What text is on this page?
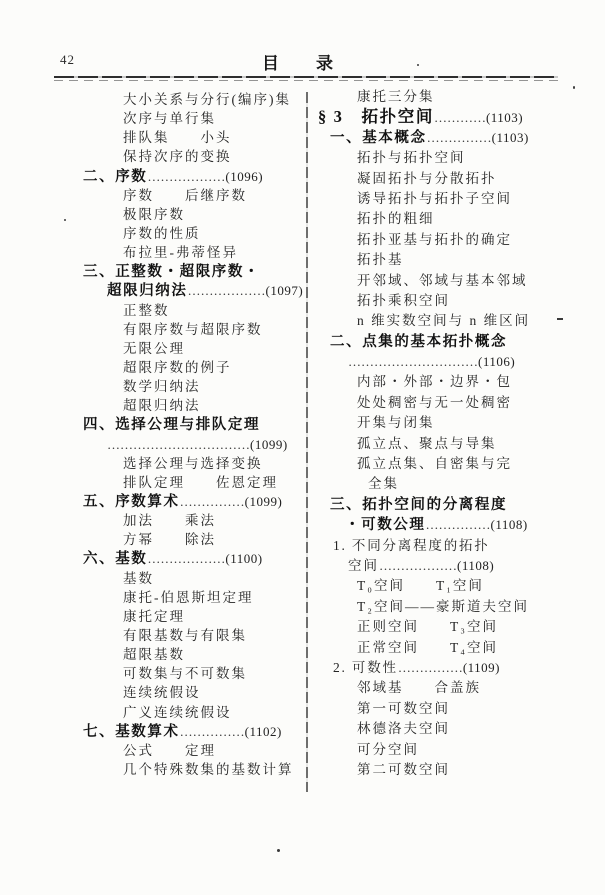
42	目　录
大小关系与分行(编序)集
次序与单行集
排队集　　小头
保持次序的变换
二、序数………………(1096)
序数　　后继序数
极限序数
序数的性质
布拉里-弗蒂怪异
三、正整数・超限序数・
超限归纳法………………(1097)
正整数
有限序数与超限序数
无限公理
超限序数的例子
数学归纳法
超限归纳法
四、选择公理与排队定理
……………………………(1099)
选择公理与选择变换
排队定理　　佐恩定理
五、序数算术……………(1099)
加法　　乘法
方幂　　除法
六、基数………………(1100)
基数
康托-伯恩斯坦定理
康托定理
有限基数与有限集
超限基数
可数集与不可数集
连续统假设
广义连续统假设
七、基数算术……………(1102)
公式　　定理
几个特殊数集的基数计算
康托三分集
§ 3　拓扑空间…………(1103)
一、基本概念……………(1103)
拓扑与拓扑空间
凝固拓扑与分散拓扑
诱导拓扑与拓扑子空间
拓扑的粗细
拓扑亚基与拓扑的确定
拓扑基
开邻域、邻域与基本邻域
拓扑乘积空间
n 维实数空间与 n 维区间
二、点集的基本拓扑概念
…………………………(1106)
内部・外部・边界・包
处处稠密与无一处稠密
开集与闭集
孤立点、聚点与导集
孤立点集、自密集与完
全集
三、拓扑空间的分离程度
・可数公理……………(1108)
1. 不同分离程度的拓扑
空间………………(1108)
T₀空间　　T₁空间
T₂空间——豪斯道夫空间
正则空间　　T₃空间
正常空间　　T₄空间
2. 可数性……………(1109)
邻域基　　合盖族
第一可数空间
林德洛夫空间
可分空间
第二可数空间
